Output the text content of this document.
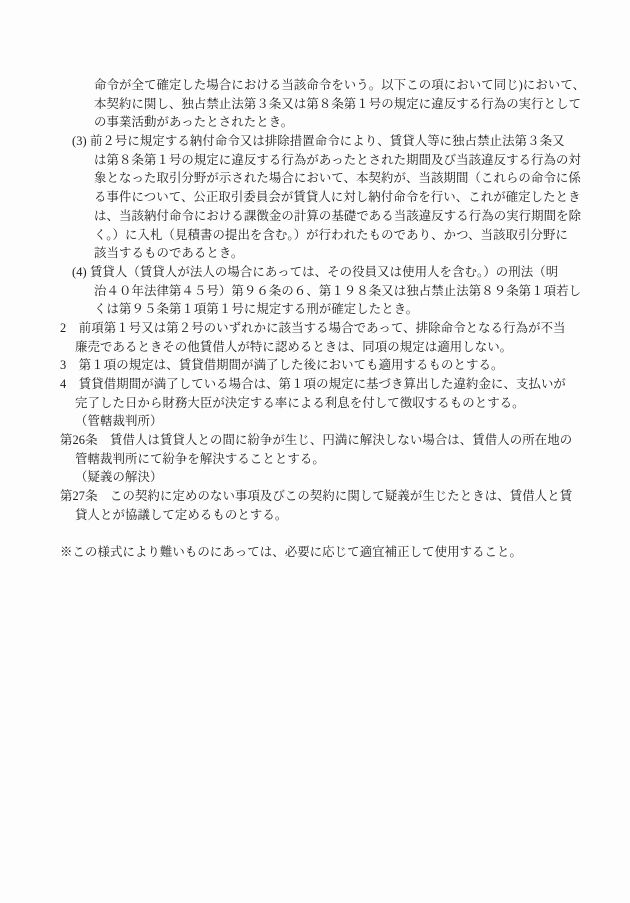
命令が全て確定した場合における当該命令をいう。以下この項において同じ)において、
本契約に関し、独占禁止法第３条又は第８条第１号の規定に違反する行為の実行として
の事業活動があったとされたとき。
(3) 前２号に規定する納付命令又は排除措置命令により、賃貸人等に独占禁止法第３条又
は第８条第１号の規定に違反する行為があったとされた期間及び当該違反する行為の対
象となった取引分野が示された場合において、本契約が、当該期間（これらの命令に係
る事件について、公正取引委員会が賃貸人に対し納付命令を行い、これが確定したとき
は、当該納付命令における課徴金の計算の基礎である当該違反する行為の実行期間を除
く。）に入札（見積書の提出を含む。）が行われたものであり、かつ、当該取引分野に
該当するものであるとき。
(4) 賃貸人（賃貸人が法人の場合にあっては、その役員又は使用人を含む。）の刑法（明
治４０年法律第４５号）第９６条の６、第１９８条又は独占禁止法第８９条第１項若し
くは第９５条第１項第１号に規定する刑が確定したとき。
2　前項第１号又は第２号のいずれかに該当する場合であって、排除命令となる行為が不当
廉売であるときその他賃借人が特に認めるときは、同項の規定は適用しない。
3　第１項の規定は、賃貸借期間が満了した後においても適用するものとする。
4　賃貸借期間が満了している場合は、第１項の規定に基づき算出した違約金に、支払いが
完了した日から財務大臣が決定する率による利息を付して徴収するものとする。
（管轄裁判所）
第26条　賃借人は賃貸人との間に紛争が生じ、円満に解決しない場合は、賃借人の所在地の
管轄裁判所にて紛争を解決することとする。
（疑義の解決）
第27条　この契約に定めのない事項及びこの契約に関して疑義が生じたときは、賃借人と賃
貸人とが協議して定めるものとする。
※この様式により難いものにあっては、必要に応じて適宜補正して使用すること。
